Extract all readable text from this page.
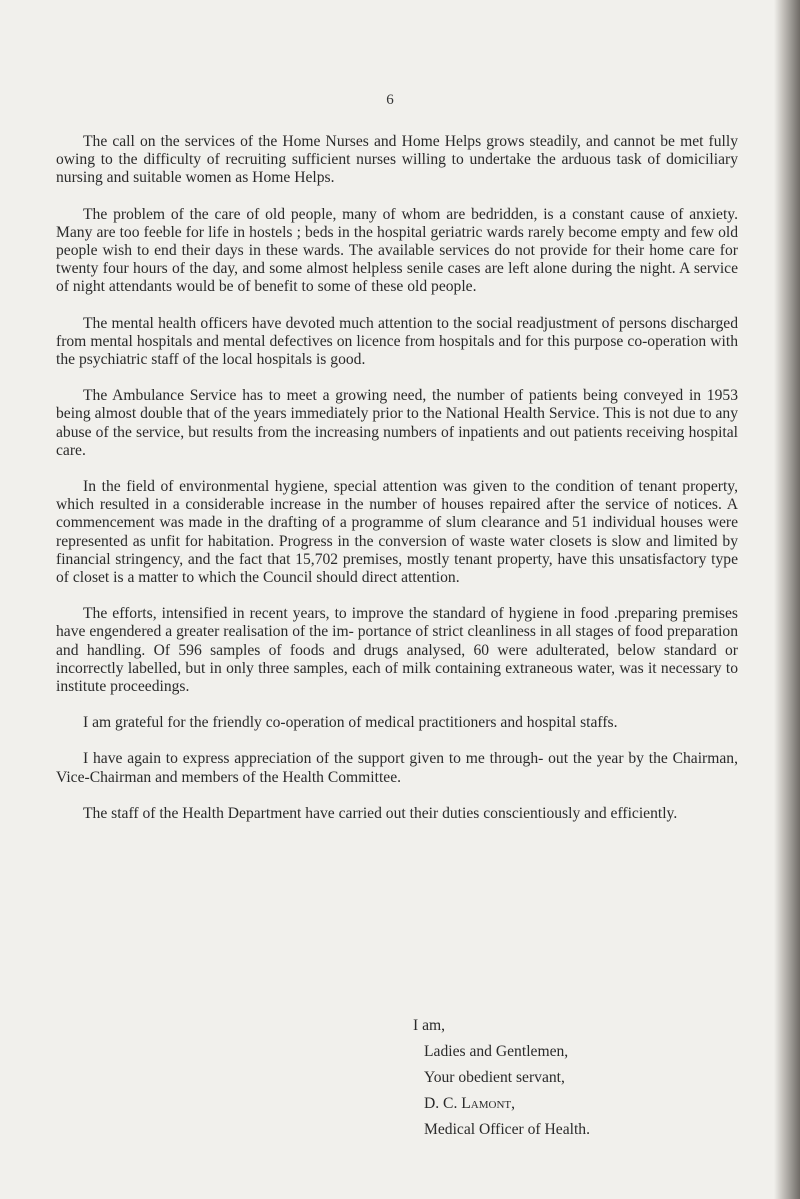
6

The call on the services of the Home Nurses and Home Helps grows steadily, and cannot be met fully owing to the difficulty of recruiting sufficient nurses willing to undertake the arduous task of domiciliary nursing and suitable women as Home Helps.

The problem of the care of old people, many of whom are bedridden, is a constant cause of anxiety. Many are too feeble for life in hostels ; beds in the hospital geriatric wards rarely become empty and few old people wish to end their days in these wards. The available services do not provide for their home care for twenty four hours of the day, and some almost helpless senile cases are left alone during the night. A service of night attendants would be of benefit to some of these old people.

The mental health officers have devoted much attention to the social readjustment of persons discharged from mental hospitals and mental defectives on licence from hospitals and for this purpose co-operation with the psychiatric staff of the local hospitals is good.

The Ambulance Service has to meet a growing need, the number of patients being conveyed in 1953 being almost double that of the years immediately prior to the National Health Service. This is not due to any abuse of the service, but results from the increasing numbers of inpatients and out patients receiving hospital care.

In the field of environmental hygiene, special attention was given to the condition of tenant property, which resulted in a considerable increase in the number of houses repaired after the service of notices. A commencement was made in the drafting of a programme of slum clearance and 51 individual houses were represented as unfit for habitation. Progress in the conversion of waste water closets is slow and limited by financial stringency, and the fact that 15,702 premises, mostly tenant property, have this unsatisfactory type of closet is a matter to which the Council should direct attention.

The efforts, intensified in recent years, to improve the standard of hygiene in food .preparing premises have engendered a greater realisation of the im- portance of strict cleanliness in all stages of food preparation and handling. Of 596 samples of foods and drugs analysed, 60 were adulterated, below standard or incorrectly labelled, but in only three samples, each of milk containing extraneous water, was it necessary to institute proceedings.

I am grateful for the friendly co-operation of medical practitioners and hospital staffs.

I have again to express appreciation of the support given to me through- out the year by the Chairman, Vice-Chairman and members of the Health Committee.

The staff of the Health Department have carried out their duties conscientiously and efficiently.

I am,
Ladies and Gentlemen,
Your obedient servant,
D. C. Lamont,
Medical Officer of Health.
